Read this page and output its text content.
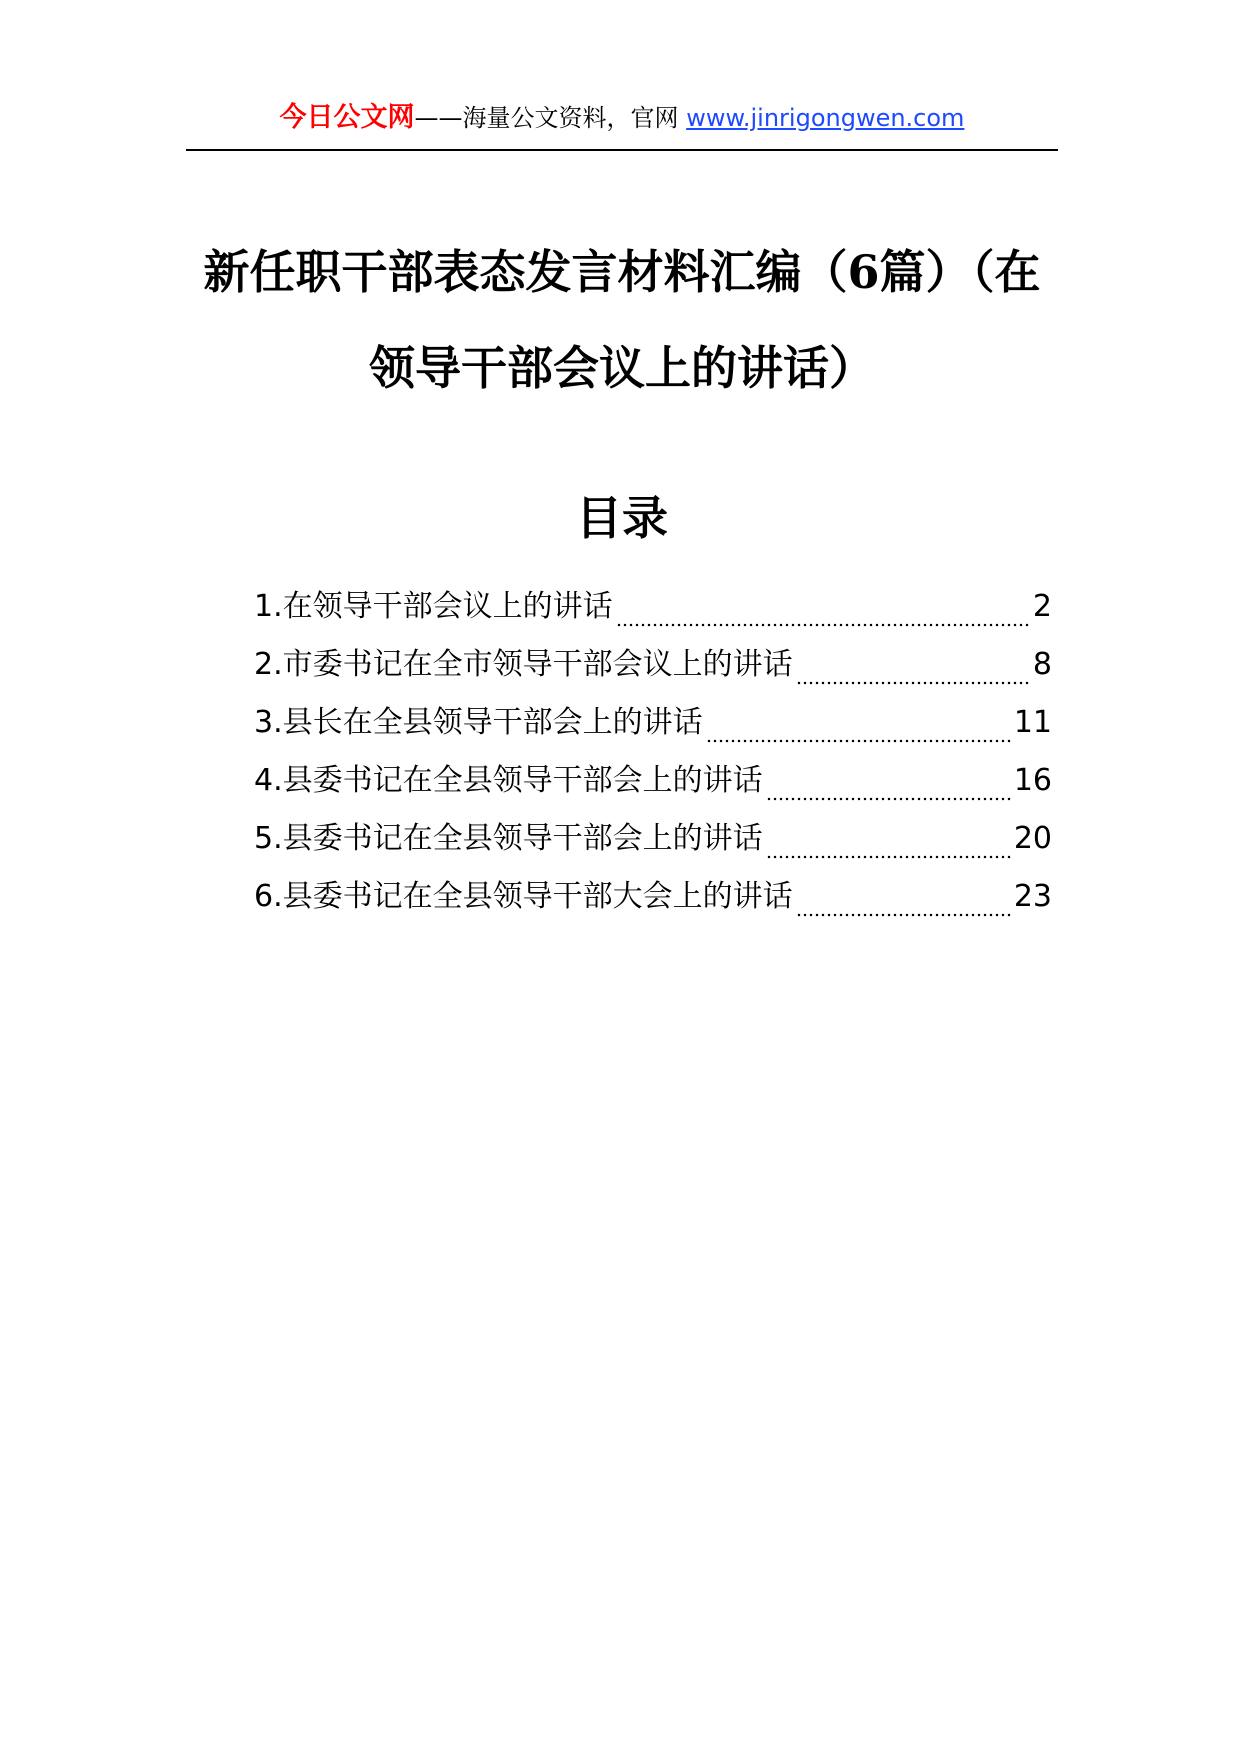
今日公文网——海量公文资料，官网 www.jinrigongwen.com
新任职干部表态发言材料汇编（6篇）（在
领导干部会议上的讲话）
目录
1.在领导干部会议上的讲话	2
2.市委书记在全市领导干部会议上的讲话	8
3.县长在全县领导干部会上的讲话	11
4.县委书记在全县领导干部会上的讲话	16
5.县委书记在全县领导干部会上的讲话	20
6.县委书记在全县领导干部大会上的讲话	23
